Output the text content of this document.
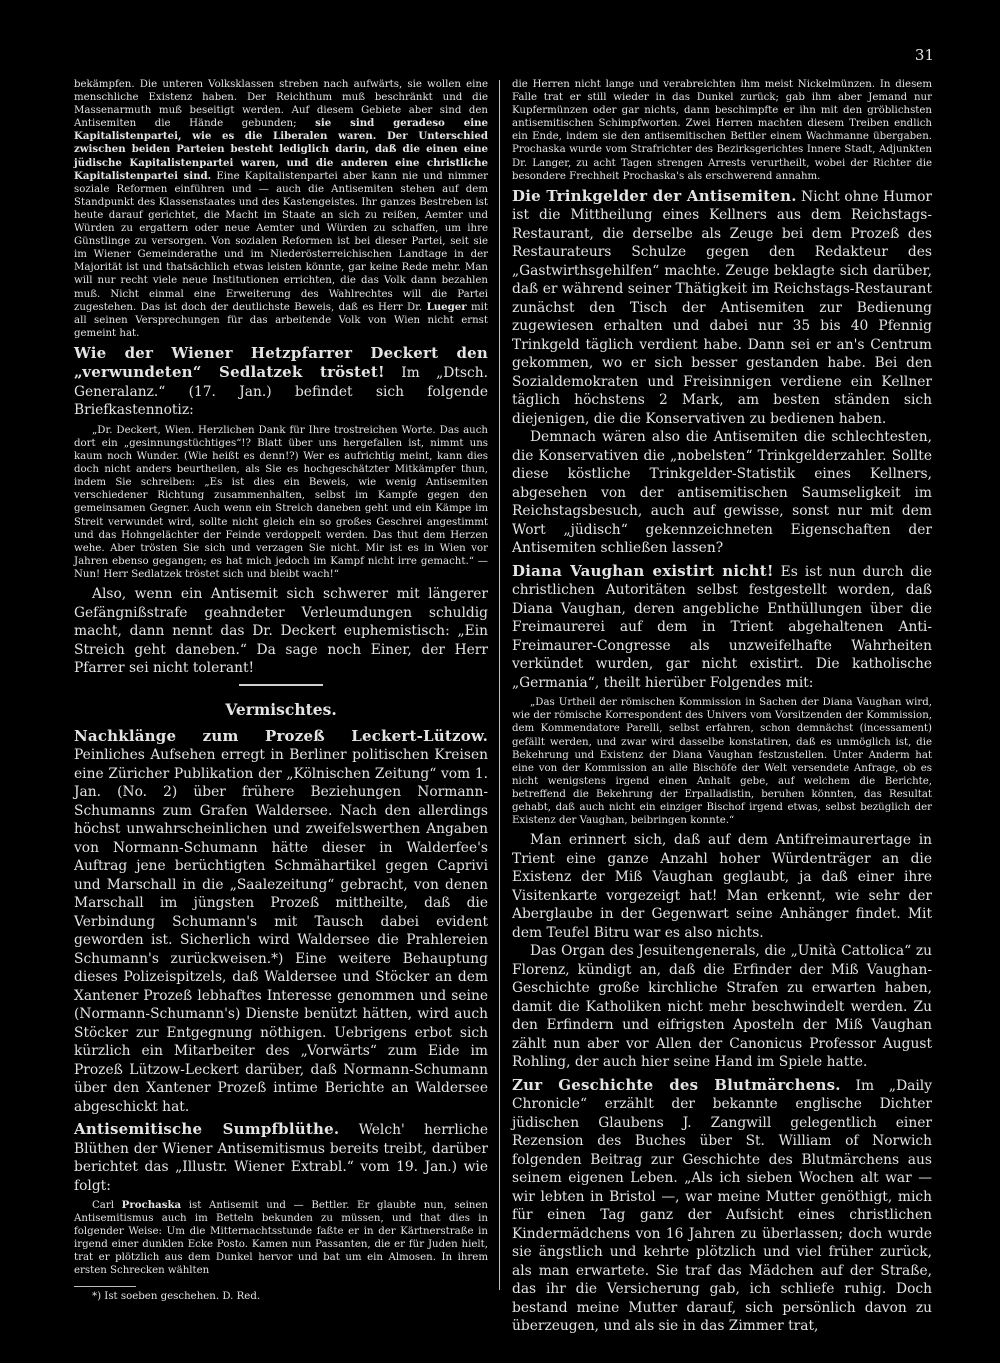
31

bekämpfen. Die unteren Volksklassen streben nach aufwärts, sie wollen eine menschliche Existenz haben. Der Reichthum muß beschränkt und die Massenarmuth muß beseitigt werden. Auf diesem Gebiete aber sind den Antisemiten die Hände gebunden; sie sind geradeso eine Kapitalistenpartei, wie es die Liberalen waren. Der Unterschied zwischen beiden Parteien besteht lediglich darin, daß die einen eine jüdische Kapitalistenpartei waren, und die anderen eine christliche Kapitalistenpartei sind. Eine Kapitalistenpartei aber kann nie und nimmer soziale Reformen einführen und — auch die Antisemiten stehen auf dem Standpunkt des Klassenstaates und des Kastengeistes. Ihr ganzes Bestreben ist heute darauf gerichtet, die Macht im Staate an sich zu reißen, Aemter und Würden zu ergattern oder neue Aemter und Würden zu schaffen, um ihre Günstlinge zu versorgen. Von sozialen Reformen ist bei dieser Partei, seit sie im Wiener Gemeinderathe und im Niederösterreichischen Landtage in der Majorität ist und thatsächlich etwas leisten könnte, gar keine Rede mehr. Man will nur recht viele neue Institutionen errichten, die das Volk dann bezahlen muß. Nicht einmal eine Erweiterung des Wahlrechtes will die Partei zugestehen. Das ist doch der deutlichste Beweis, daß es Herr Dr. Lueger mit all seinen Versprechungen für das arbeitende Volk von Wien nicht ernst gemeint hat.

Wie der Wiener Hetzpfarrer Deckert den „verwundeten“ Sedlatzek tröstet! Im „Dtsch. Generalanz.“ (17. Jan.) befindet sich folgende Briefkastennotiz:

„Dr. Deckert, Wien. Herzlichen Dank für Ihre trostreichen Worte. Das auch dort ein „gesinnungstüchtiges“!? Blatt über uns hergefallen ist, nimmt uns kaum noch Wunder. (Wie heißt es denn!?) Wer es aufrichtig meint, kann dies doch nicht anders beurtheilen, als Sie es hochgeschätzter Mitkämpfer thun, indem Sie schreiben: „Es ist dies ein Beweis, wie wenig Antisemiten verschiedener Richtung zusammenhalten, selbst im Kampfe gegen den gemeinsamen Gegner. Auch wenn ein Streich daneben geht und ein Kämpe im Streit verwundet wird, sollte nicht gleich ein so großes Geschrei angestimmt und das Hohngelächter der Feinde verdoppelt werden. Das thut dem Herzen wehe. Aber trösten Sie sich und verzagen Sie nicht. Mir ist es in Wien vor Jahren ebenso gegangen; es hat mich jedoch im Kampf nicht irre gemacht.“ — Nun! Herr Sedlatzek tröstet sich und bleibt wach!“

Also, wenn ein Antisemit sich schwerer mit längerer Gefängnißstrafe geahndeter Verleumdungen schuldig macht, dann nennt das Dr. Deckert euphemistisch: „Ein Streich geht daneben.“ Da sage noch Einer, der Herr Pfarrer sei nicht tolerant!

Vermischtes.

Nachklänge zum Prozeß Leckert-Lützow. Peinliches Aufsehen erregt in Berliner politischen Kreisen eine Züricher Publikation der „Kölnischen Zeitung“ vom 1. Jan. (No. 2) über frühere Beziehungen Normann-Schumanns zum Grafen Waldersee. Nach den allerdings höchst unwahrscheinlichen und zweifelswerthen Angaben von Normann-Schumann hätte dieser in Walderfee's Auftrag jene berüchtigten Schmähartikel gegen Caprivi und Marschall in die „Saalezeitung“ gebracht, von denen Marschall im jüngsten Prozeß mittheilte, daß die Verbindung Schumann's mit Tausch dabei evident geworden ist. Sicherlich wird Waldersee die Prahlereien Schumann's zurückweisen.*) Eine weitere Behauptung dieses Polizeispitzels, daß Waldersee und Stöcker an dem Xantener Prozeß lebhaftes Interesse genommen und seine (Normann-Schumann's) Dienste benützt hätten, wird auch Stöcker zur Entgegnung nöthigen. Uebrigens erbot sich kürzlich ein Mitarbeiter des „Vorwärts“ zum Eide im Prozeß Lützow-Leckert darüber, daß Normann-Schumann über den Xantener Prozeß intime Berichte an Waldersee abgeschickt hat.

Antisemitische Sumpfblüthe. Welch' herrliche Blüthen der Wiener Antisemitismus bereits treibt, darüber berichtet das „Illustr. Wiener Extrabl.“ vom 19. Jan.) wie folgt:

Carl Prochaska ist Antisemit und — Bettler. Er glaubte nun, seinen Antisemitismus auch im Betteln bekunden zu müssen, und that dies in folgender Weise: Um die Mitternachtsstunde faßte er in der Kärtnerstraße in irgend einer dunklen Ecke Posto. Kamen nun Passanten, die er für Juden hielt, trat er plötzlich aus dem Dunkel hervor und bat um ein Almosen. In ihrem ersten Schrecken wählten

*) Ist soeben geschehen. D. Red.

die Herren nicht lange und verabreichten ihm meist Nickelmünzen. In diesem Falle trat er still wieder in das Dunkel zurück; gab ihm aber Jemand nur Kupfermünzen oder gar nichts, dann beschimpfte er ihn mit den gröblichsten antisemitischen Schimpfworten. Zwei Herren machten diesem Treiben endlich ein Ende, indem sie den antisemitischen Bettler einem Wachmanne übergaben. Prochaska wurde vom Strafrichter des Bezirksgerichtes Innere Stadt, Adjunkten Dr. Langer, zu acht Tagen strengen Arrests verurtheilt, wobei der Richter die besondere Frechheit Prochaska's als erschwerend annahm.

Die Trinkgelder der Antisemiten. Nicht ohne Humor ist die Mittheilung eines Kellners aus dem Reichstags-Restaurant, die derselbe als Zeuge bei dem Prozeß des Restaurateurs Schulze gegen den Redakteur des „Gastwirthsgehilfen“ machte. Zeuge beklagte sich darüber, daß er während seiner Thätigkeit im Reichstags-Restaurant zunächst den Tisch der Antisemiten zur Bedienung zugewiesen erhalten und dabei nur 35 bis 40 Pfennig Trinkgeld täglich verdient habe. Dann sei er an's Centrum gekommen, wo er sich besser gestanden habe. Bei den Sozialdemokraten und Freisinnigen verdiene ein Kellner täglich höchstens 2 Mark, am besten ständen sich diejenigen, die die Konservativen zu bedienen haben.

Demnach wären also die Antisemiten die schlechtesten, die Konservativen die „nobelsten“ Trinkgelderzahler. Sollte diese köstliche Trinkgelder-Statistik eines Kellners, abgesehen von der antisemitischen Saumseligkeit im Reichstagsbesuch, auch auf gewisse, sonst nur mit dem Wort „jüdisch“ gekennzeichneten Eigenschaften der Antisemiten schließen lassen?

Diana Vaughan existirt nicht! Es ist nun durch die christlichen Autoritäten selbst festgestellt worden, daß Diana Vaughan, deren angebliche Enthüllungen über die Freimaurerei auf dem in Trient abgehaltenen Anti-Freimaurer-Congresse als unzweifelhafte Wahrheiten verkündet wurden, gar nicht existirt. Die katholische „Germania“, theilt hierüber Folgendes mit:

„Das Urtheil der römischen Kommission in Sachen der Diana Vaughan wird, wie der römische Korrespondent des Univers vom Vorsitzenden der Kommission, dem Kommendatore Parelli, selbst erfahren, schon demnächst (incessament) gefällt werden, und zwar wird dasselbe konstatiren, daß es unmöglich ist, die Bekehrung und Existenz der Diana Vaughan festzustellen. Unter Anderm hat eine von der Kommission an alle Bischöfe der Welt versendete Anfrage, ob es nicht wenigstens irgend einen Anhalt gebe, auf welchem die Berichte, betreffend die Bekehrung der Erpalladistin, beruhen könnten, das Resultat gehabt, daß auch nicht ein einziger Bischof irgend etwas, selbst bezüglich der Existenz der Vaughan, beibringen konnte.“

Man erinnert sich, daß auf dem Antifreimaurertage in Trient eine ganze Anzahl hoher Würdenträger an die Existenz der Miß Vaughan geglaubt, ja daß einer ihre Visitenkarte vorgezeigt hat! Man erkennt, wie sehr der Aberglaube in der Gegenwart seine Anhänger findet. Mit dem Teufel Bitru war es also nichts.

Das Organ des Jesuitengenerals, die „Unità Cattolica“ zu Florenz, kündigt an, daß die Erfinder der Miß Vaughan-Geschichte große kirchliche Strafen zu erwarten haben, damit die Katholiken nicht mehr beschwindelt werden. Zu den Erfindern und eifrigsten Aposteln der Miß Vaughan zählt nun aber vor Allen der Canonicus Professor August Rohling, der auch hier seine Hand im Spiele hatte.

Zur Geschichte des Blutmärchens. Im „Daily Chronicle“ erzählt der bekannte englische Dichter jüdischen Glaubens J. Zangwill gelegentlich einer Rezension des Buches über St. William of Norwich folgenden Beitrag zur Geschichte des Blutmärchens aus seinem eigenen Leben. „Als ich sieben Wochen alt war — wir lebten in Bristol —, war meine Mutter genöthigt, mich für einen Tag ganz der Aufsicht eines christlichen Kindermädchens von 16 Jahren zu überlassen; doch wurde sie ängstlich und kehrte plötzlich und viel früher zurück, als man erwartete. Sie traf das Mädchen auf der Straße, das ihr die Versicherung gab, ich schliefe ruhig. Doch bestand meine Mutter darauf, sich persönlich davon zu überzeugen, und als sie in das Zimmer trat,
